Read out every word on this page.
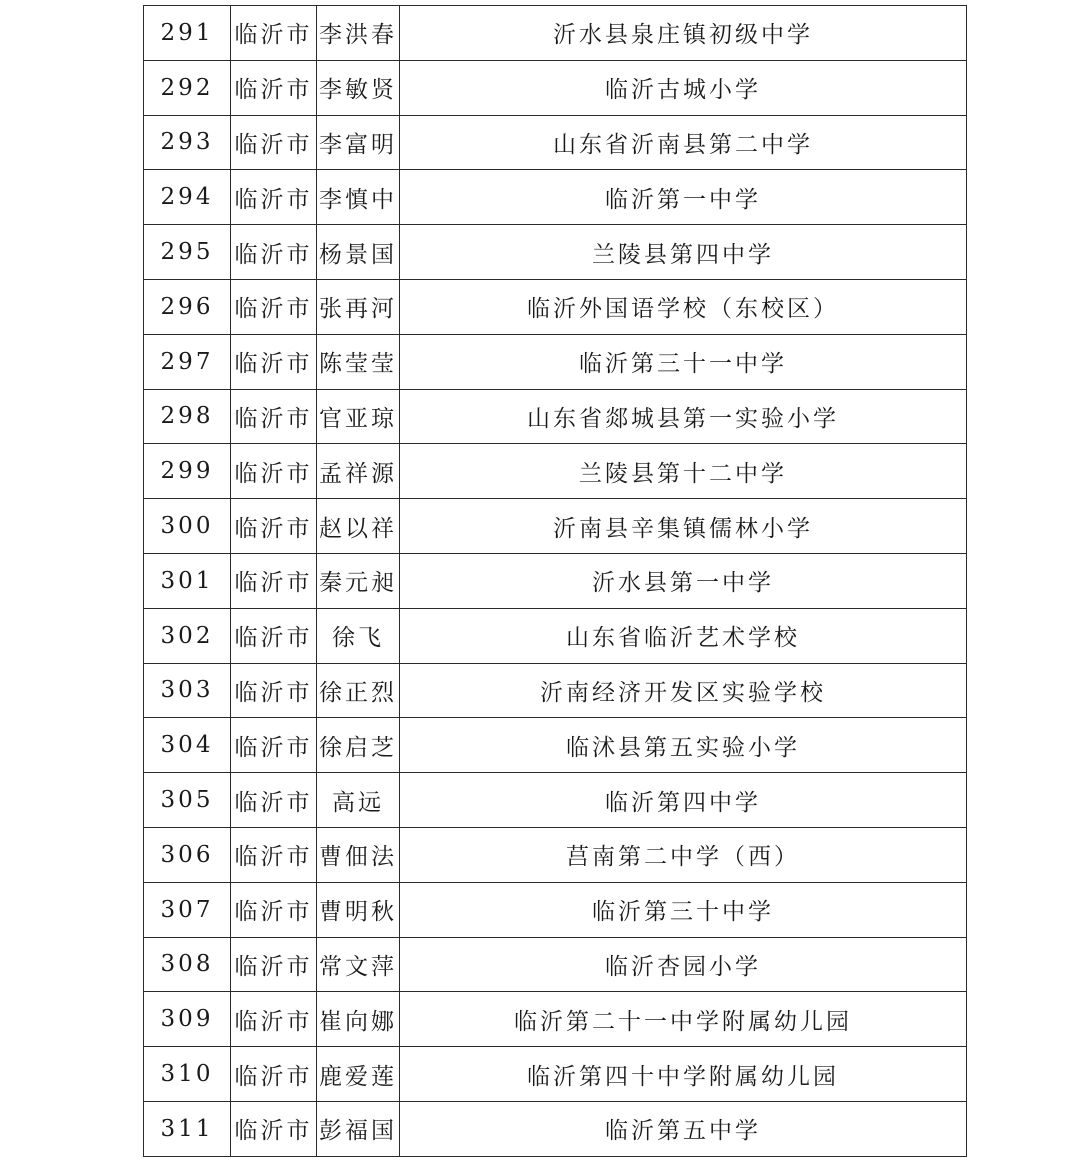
291	临沂市	李洪春	沂水县泉庄镇初级中学
292	临沂市	李敏贤	临沂古城小学
293	临沂市	李富明	山东省沂南县第二中学
294	临沂市	李慎中	临沂第一中学
295	临沂市	杨景国	兰陵县第四中学
296	临沂市	张再河	临沂外国语学校（东校区）
297	临沂市	陈莹莹	临沂第三十一中学
298	临沂市	官亚琼	山东省郯城县第一实验小学
299	临沂市	孟祥源	兰陵县第十二中学
300	临沂市	赵以祥	沂南县辛集镇儒林小学
301	临沂市	秦元昶	沂水县第一中学
302	临沂市	徐飞	山东省临沂艺术学校
303	临沂市	徐正烈	沂南经济开发区实验学校
304	临沂市	徐启芝	临沭县第五实验小学
305	临沂市	高远	临沂第四中学
306	临沂市	曹佃法	莒南第二中学（西）
307	临沂市	曹明秋	临沂第三十中学
308	临沂市	常文萍	临沂杏园小学
309	临沂市	崔向娜	临沂第二十一中学附属幼儿园
310	临沂市	鹿爱莲	临沂第四十中学附属幼儿园
311	临沂市	彭福国	临沂第五中学
